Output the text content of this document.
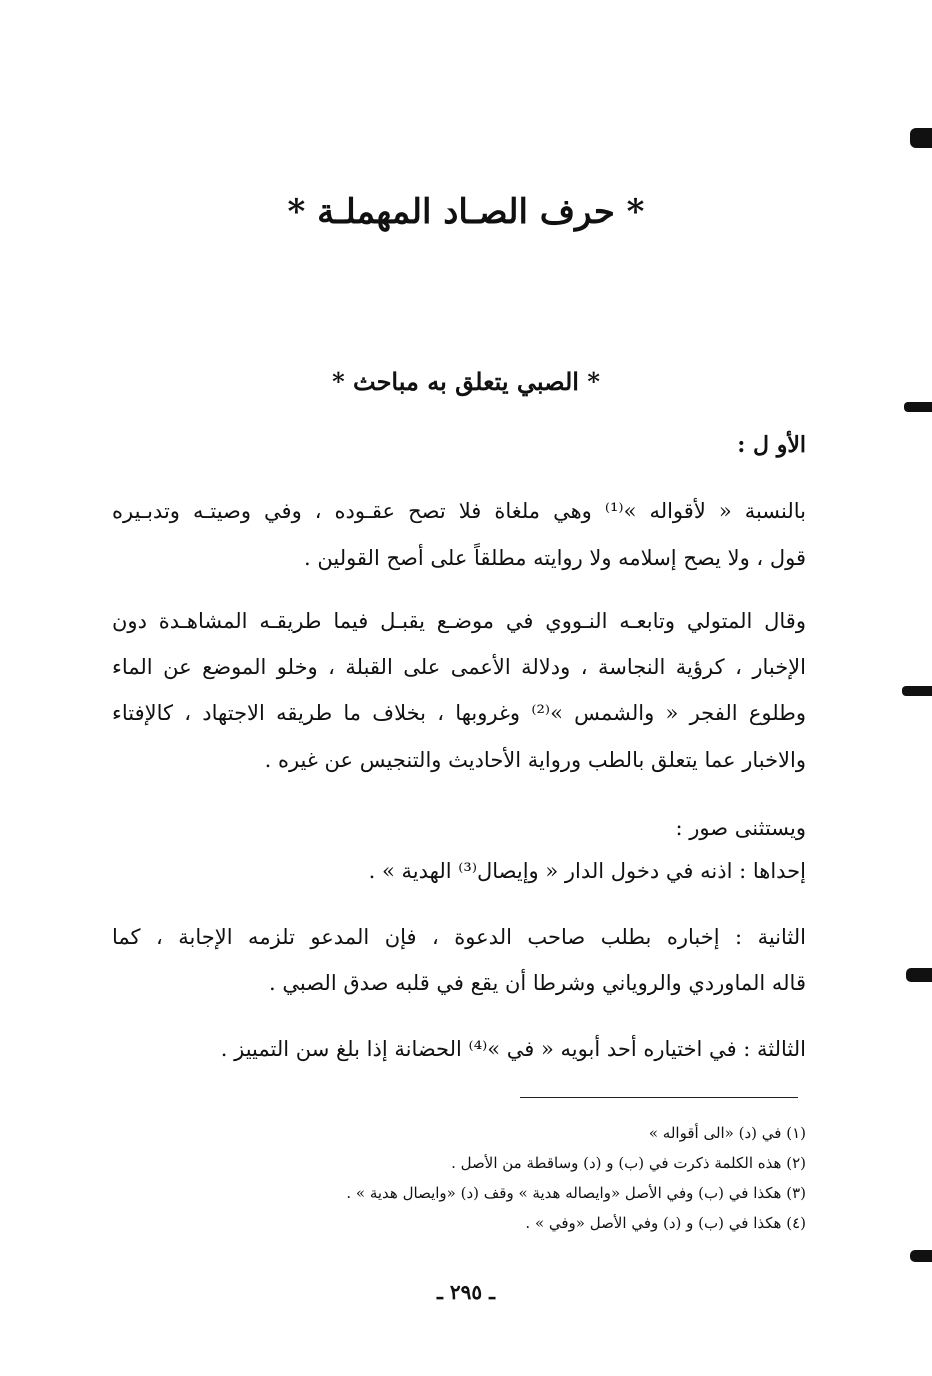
* حرف الصـاد المهملـة *
* الصبي يتعلق به مباحث *
الأو ل :
بالنسبة « لأقواله »⁽¹⁾ وهي ملغاة فلا تصح عقـوده ، وفي وصيتـه وتدبـيره
قول ، ولا يصح إسلامه ولا روايته مطلقاً على أصح القولين .
وقال المتولي وتابعـه النـووي في موضـع يقبـل فيما طريقـه المشاهـدة دون
الإخبار ، كرؤية النجاسة ، ودلالة الأعمى على القبلة ، وخلو الموضع عن الماء
وطلوع الفجر « والشمس »⁽²⁾ وغروبها ، بخلاف ما طريقه الاجتهاد ، كالإفتاء
والاخبار عما يتعلق بالطب ورواية الأحاديث والتنجيس عن غيره .
ويستثنى صور :
إحداها : اذنه في دخول الدار « وإيصال⁽³⁾ الهدية » .
الثانية : إخباره بطلب صاحب الدعوة ، فإن المدعو تلزمه الإجابة ، كما
قاله الماوردي والروياني وشرطا أن يقع في قلبه صدق الصبي .
الثالثة : في اختياره أحد أبويه « في »⁽⁴⁾ الحضانة إذا بلغ سن التمييز .
(١) في (د) «الى أقواله »
(٢) هذه الكلمة ذكرت في (ب) و (د) وساقطة من الأصل .
(٣) هكذا في (ب) وفي الأصل «وايصاله هدية » وقف (د) «وايصال هدية » .
(٤) هكذا في (ب) و (د) وفي الأصل «وفي » .
ـ ٢٩٥ ـ
